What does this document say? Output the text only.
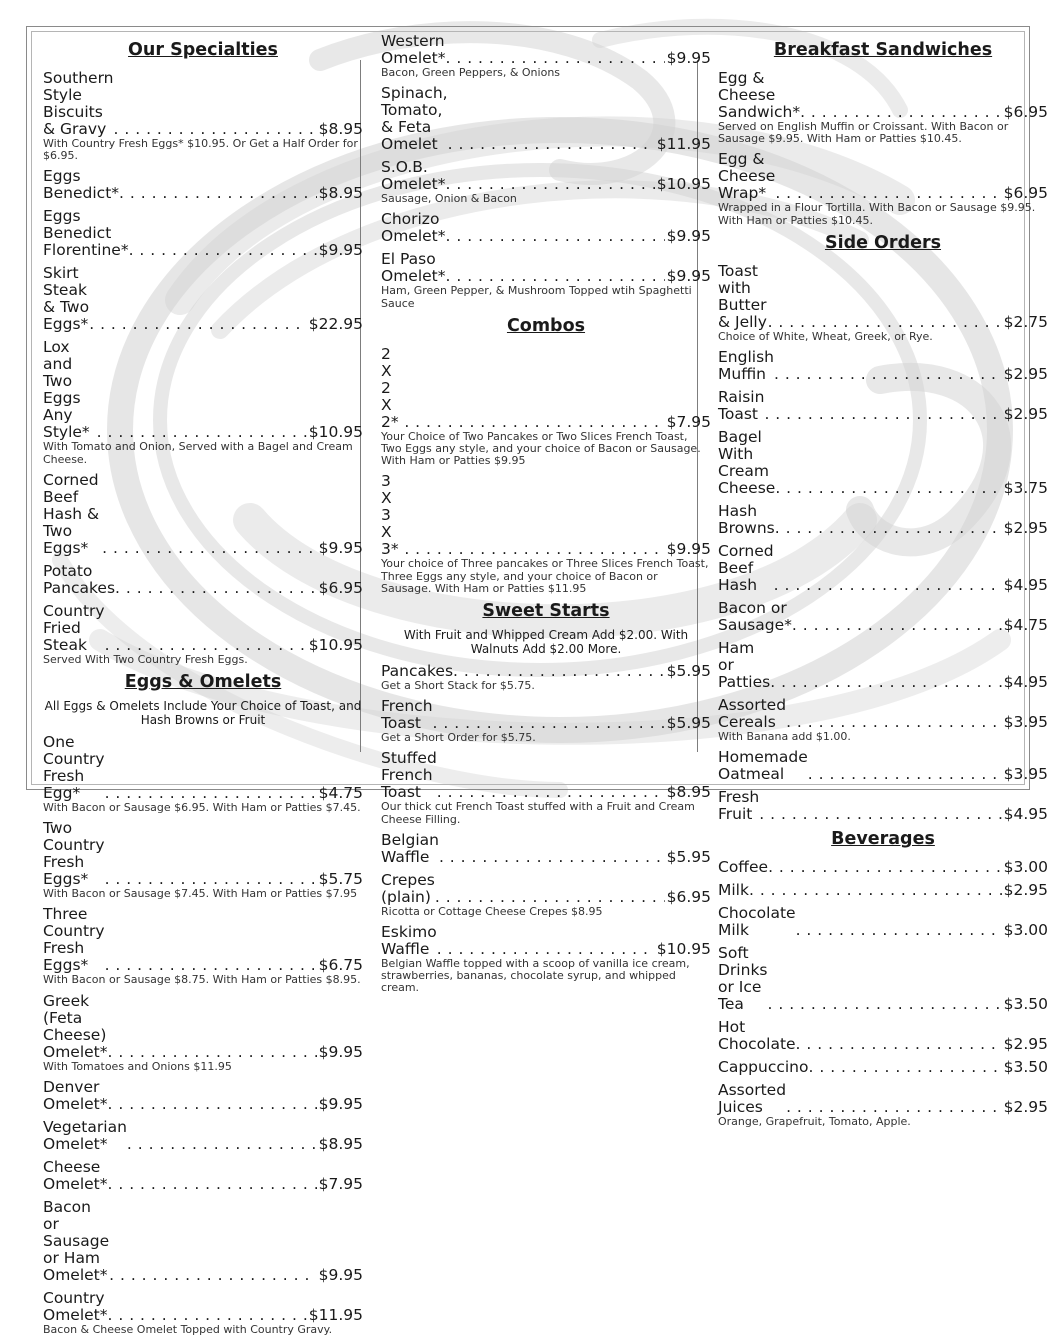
Our Specialties
Southern Style Biscuits & Gravy . . .	$8.95
With Country Fresh Eggs* $10.95. Or Get a Half Order for $6.95.
Eggs Benedict* . . .	$8.95
Eggs Benedict Florentine* . . .	$9.95
Skirt Steak & Two Eggs* . . .	$22.95
Lox and Two Eggs Any Style* . . .	$10.95
With Tomato and Onion, Served with a Bagel and Cream Cheese.
Corned Beef Hash & Two Eggs* . . .	$9.95
Potato Pancakes . . .	$6.95
Country Fried Steak . . .	$10.95
Served With Two Country Fresh Eggs.
Eggs & Omelets
All Eggs & Omelets Include Your Choice of Toast, and Hash Browns or Fruit
One Country Fresh Egg* . . .	$4.75
With Bacon or Sausage $6.95. With Ham or Patties $7.45.
Two Country Fresh Eggs* . . .	$5.75
With Bacon or Sausage $7.45. With Ham or Patties $7.95
Three Country Fresh Eggs* . . .	$6.75
With Bacon or Sausage $8.75. With Ham or Patties $8.95.
Greek (Feta Cheese) Omelet* . . .	$9.95
With Tomatoes and Onions $11.95
Denver Omelet* . . .	$9.95
Vegetarian Omelet* . . .	$8.95
Cheese Omelet* . . .	$7.95
Bacon or Sausage or Ham Omelet* . . .	$9.95
Country Omelet* . . .	$11.95
Bacon & Cheese Omelet Topped with Country Gravy.
Western Omelet* . . .	$9.95
Bacon, Green Peppers, & Onions
Spinach, Tomato, & Feta Omelet . . .	$11.95
S.O.B. Omelet* . . .	$10.95
Sausage, Onion & Bacon
Chorizo Omelet* . . .	$9.95
El Paso Omelet* . . .	$9.95
Ham, Green Pepper, & Mushroom Topped wtih Spaghetti Sauce
Combos
2 X 2 X 2* . . .	$7.95
Your Choice of Two Pancakes or Two Slices French Toast, Two Eggs any style, and your choice of Bacon or Sausage. With Ham or Patties $9.95
3 X 3 X 3* . . .	$9.95
Your choice of Three pancakes or Three Slices French Toast, Three Eggs any style, and your choice of Bacon or Sausage. With Ham or Patties $11.95
Sweet Starts
With Fruit and Whipped Cream Add $2.00. With Walnuts Add $2.00 More.
Pancakes . . .	$5.95
Get a Short Stack for $5.75.
French Toast . . .	$5.95
Get a Short Order for $5.75.
Stuffed French Toast . . .	$8.95
Our thick cut French Toast stuffed with a Fruit and Cream Cheese Filling.
Belgian Waffle . . .	$5.95
Crepes (plain) . . .	$6.95
Ricotta or Cottage Cheese Crepes $8.95
Eskimo Waffle . . .	$10.95
Belgian Waffle topped with a scoop of vanilla ice cream, strawberries, bananas, chocolate syrup, and whipped cream.
Breakfast Sandwiches
Egg & Cheese Sandwich* . . .	$6.95
Served on English Muffin or Croissant. With Bacon or Sausage $9.95. With Ham or Patties $10.45.
Egg & Cheese Wrap* . . .	$6.95
Wrapped in a Flour Tortilla. With Bacon or Sausage $9.95. With Ham or Patties $10.45.
Side Orders
Toast with Butter & Jelly . . .	$2.75
Choice of White, Wheat, Greek, or Rye.
English Muffin . . .	$2.95
Raisin Toast . . .	$2.95
Bagel With Cream Cheese . . .	$3.75
Hash Browns . . .	$2.95
Corned Beef Hash . . .	$4.95
Bacon or Sausage* . . .	$4.75
Ham or Patties . . .	$4.95
Assorted Cereals . . .	$3.95
With Banana add $1.00.
Homemade Oatmeal . . .	$3.95
Fresh Fruit . . .	$4.95
Beverages
Coffee . . .	$3.00
Milk . . .	$2.95
Chocolate Milk . . .	$3.00
Soft Drinks or Ice Tea . . .	$3.50
Hot Chocolate . . .	$2.95
Cappuccino . . .	$3.50
Assorted Juices . . .	$2.95
Orange, Grapefruit, Tomato, Apple.
